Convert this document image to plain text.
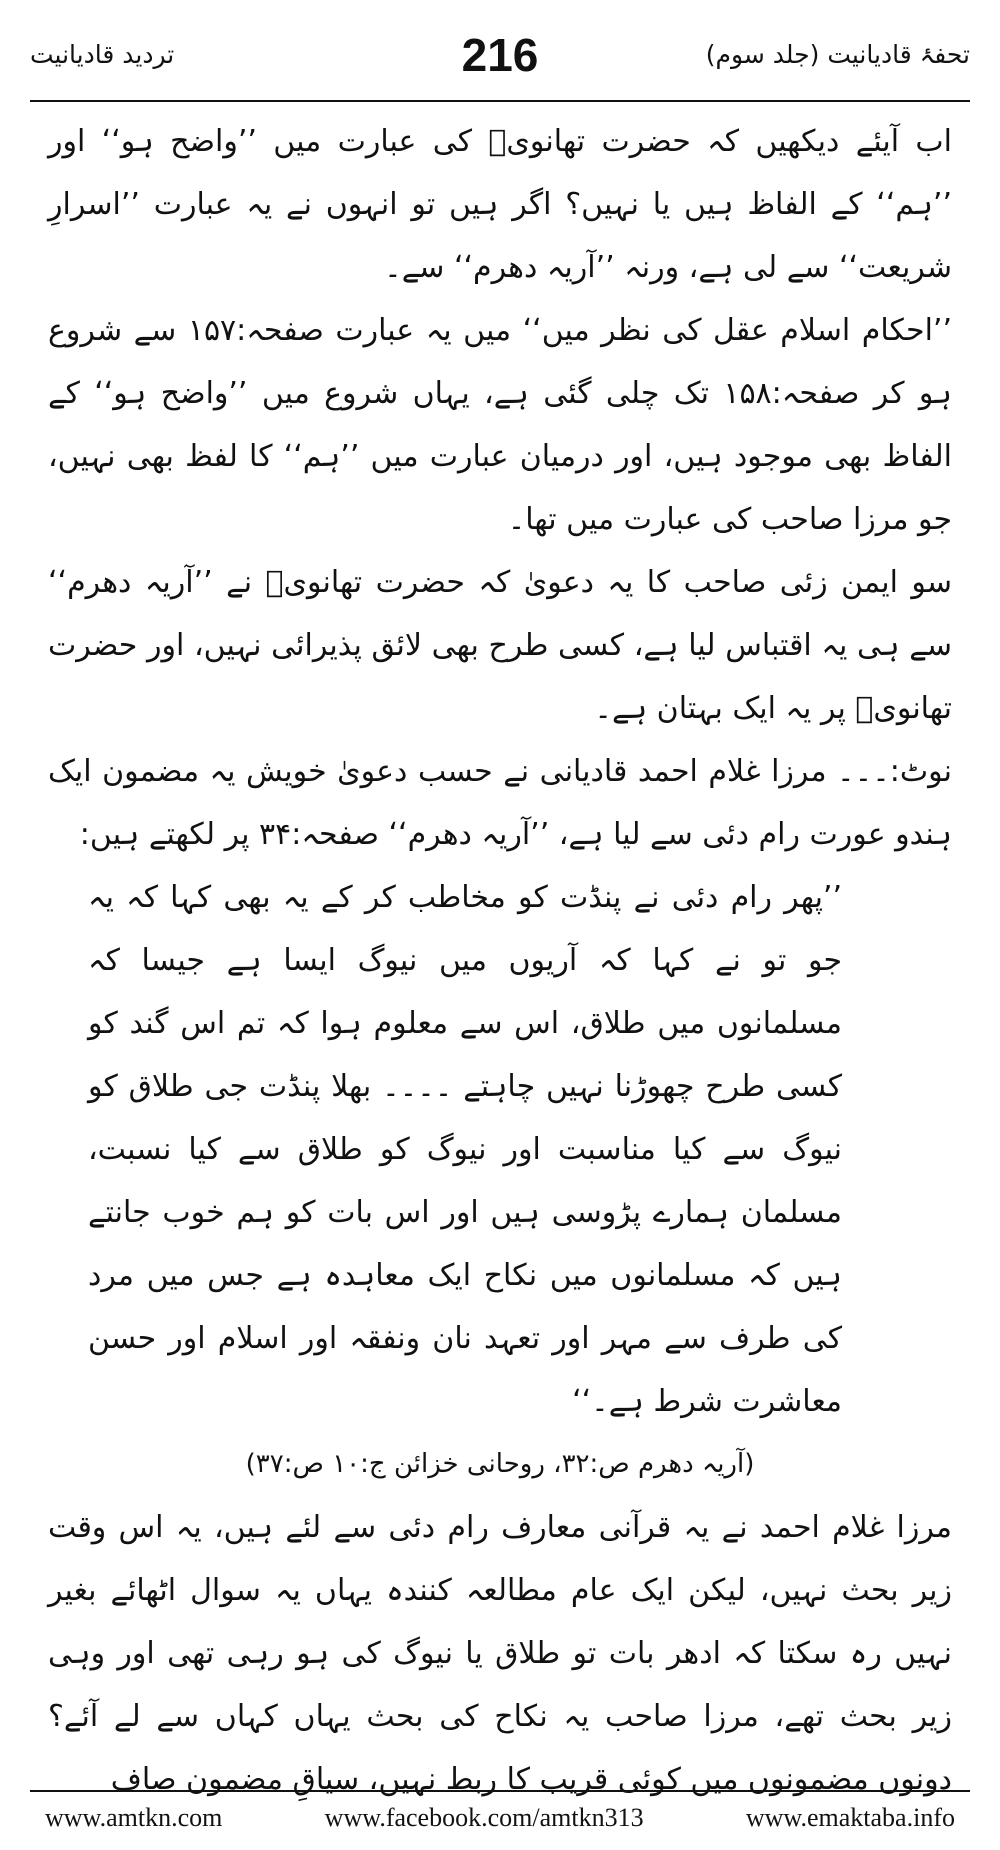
تحفۂ قادیانیت (جلد سوم)
216
تردید قادیانیت

اب آیئے دیکھیں کہ حضرت تھانویؒ کی عبارت میں ’’واضح ہو‘‘ اور ’’ہم‘‘ کے الفاظ ہیں یا نہیں؟ اگر ہیں تو انہوں نے یہ عبارت ’’اسرارِ شریعت‘‘ سے لی ہے، ورنہ ’’آریہ دھرم‘‘ سے۔

’’احکام اسلام عقل کی نظر میں‘‘ میں یہ عبارت صفحہ:۱۵۷ سے شروع ہو کر صفحہ:۱۵۸ تک چلی گئی ہے، یہاں شروع میں ’’واضح ہو‘‘ کے الفاظ بھی موجود ہیں، اور درمیان عبارت میں ’’ہم‘‘ کا لفظ بھی نہیں، جو مرزا صاحب کی عبارت میں تھا۔

سو ایمن زئی صاحب کا یہ دعویٰ کہ حضرت تھانویؒ نے ’’آریہ دھرم‘‘ سے ہی یہ اقتباس لیا ہے، کسی طرح بھی لائق پذیرائی نہیں، اور حضرت تھانویؒ پر یہ ایک بہتان ہے۔

نوٹ:۔۔۔ مرزا غلام احمد قادیانی نے حسب دعویٰ خویش یہ مضمون ایک ہندو عورت رام دئی سے لیا ہے، ’’آریہ دھرم‘‘ صفحہ:۳۴ پر لکھتے ہیں:

’’پھر رام دئی نے پنڈت کو مخاطب کر کے یہ بھی کہا کہ یہ جو تو نے کہا کہ آریوں میں نیوگ ایسا ہے جیسا کہ مسلمانوں میں طلاق، اس سے معلوم ہوا کہ تم اس گند کو کسی طرح چھوڑنا نہیں چاہتے ۔۔۔۔ بھلا پنڈت جی طلاق کو نیوگ سے کیا مناسبت اور نیوگ کو طلاق سے کیا نسبت، مسلمان ہمارے پڑوسی ہیں اور اس بات کو ہم خوب جانتے ہیں کہ مسلمانوں میں نکاح ایک معاہدہ ہے جس میں مرد کی طرف سے مہر اور تعہد نان ونفقہ اور اسلام اور حسن معاشرت شرط ہے۔‘‘

(آریہ دھرم ص:۳۲، روحانی خزائن ج:۱۰ ص:۳۷)

مرزا غلام احمد نے یہ قرآنی معارف رام دئی سے لئے ہیں، یہ اس وقت زیر بحث نہیں، لیکن ایک عام مطالعہ کنندہ یہاں یہ سوال اٹھائے بغیر نہیں رہ سکتا کہ ادھر بات تو طلاق یا نیوگ کی ہو رہی تھی اور وہی زیر بحث تھے، مرزا صاحب یہ نکاح کی بحث یہاں کہاں سے لے آئے؟ دونوں مضمونوں میں کوئی قریب کا ربط نہیں، سیاقِ مضمون صاف

www.amtkn.com	www.facebook.com/amtkn313	www.emaktaba.info
